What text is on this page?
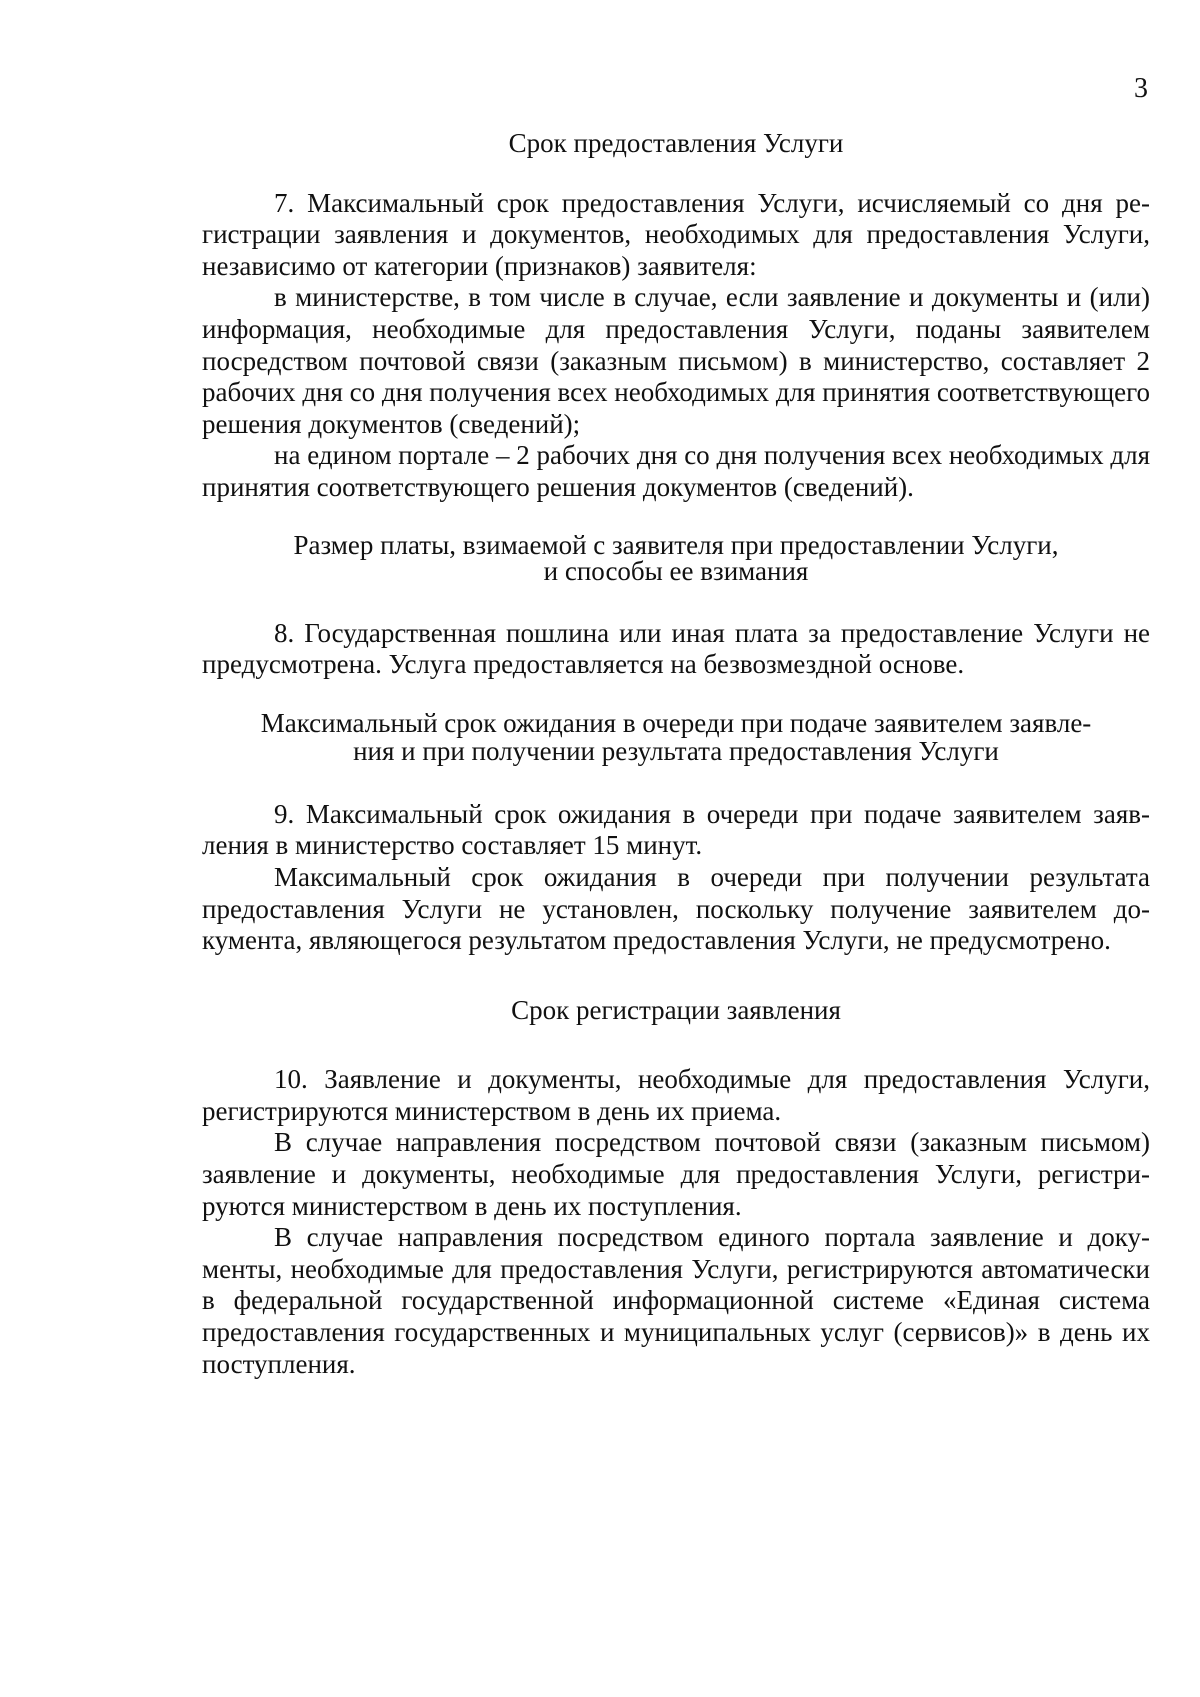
3
Срок предоставления Услуги

7. Максимальный срок предоставления Услуги, исчисляемый со дня регистрации заявления и документов, необходимых для предоставления Услуги, независимо от категории (признаков) заявителя:

в министерстве, в том числе в случае, если заявление и документы и (или) информация, необходимые для предоставления Услуги, поданы заявителем посредством почтовой связи (заказным письмом) в министерство, составляет 2 рабочих дня со дня получения всех необходимых для принятия соответствующего решения документов (сведений);

на едином портале – 2 рабочих дня со дня получения всех необходимых для принятия соответствующего решения документов (сведений).

Размер платы, взимаемой с заявителя при предоставлении Услуги,
и способы ее взимания

8. Государственная пошлина или иная плата за предоставление Услуги не предусмотрена. Услуга предоставляется на безвозмездной основе.

Максимальный срок ожидания в очереди при подаче заявителем заявле-
ния и при получении результата предоставления Услуги

9. Максимальный срок ожидания в очереди при подаче заявителем заявления в министерство составляет 15 минут.

Максимальный срок ожидания в очереди при получении результата предоставления Услуги не установлен, поскольку получение заявителем документа, являющегося результатом предоставления Услуги, не предусмотрено.

Срок регистрации заявления

10. Заявление и документы, необходимые для предоставления Услуги, регистрируются министерством в день их приема.

В случае направления посредством почтовой связи (заказным письмом) заявление и документы, необходимые для предоставления Услуги, регистрируются министерством в день их поступления.

В случае направления посредством единого портала заявление и документы, необходимые для предоставления Услуги, регистрируются автоматически в федеральной государственной информационной системе «Единая система предоставления государственных и муниципальных услуг (сервисов)» в день их поступления.
